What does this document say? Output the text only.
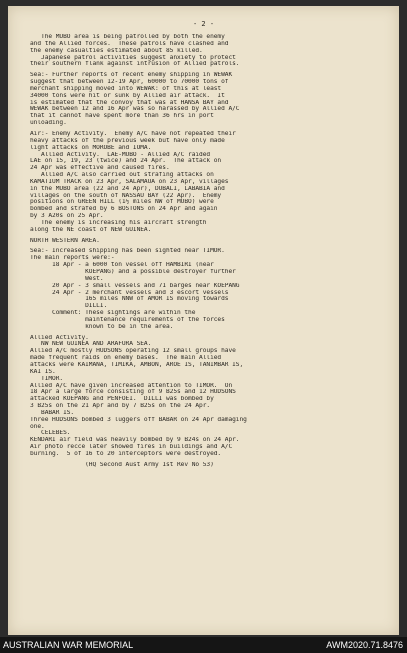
- 2 -
The MUBO area is being patrolled by both the enemy
and the Allied forces.  These patrols have clashed and
the enemy casualties estimated about 85 killed.
Japanese patrol activities suggest anxiety to protect
their southern flank against intrusion of Allied patrols.
Sea:- Further reports of recent enemy shipping in WEWAK
suggest that between 12-19 Apr, 60000 to 70000 tons of
merchant shipping moved into WEWAK: of this at least
34000 tons were hit or sunk by Allied air attack.  It
is estimated that the convoy that was at HANSA BAY and
WEWAK between 12 and 16 Apr was so harassed by Allied A/C
that it cannot have spent more than 36 hrs in port
unloading.
Air:- Enemy Activity.  Enemy A/C have not repeated their
heavy attacks of the previous week but have only made
light attacks on MOROBE and IOMA.
Allied Activity.  LAE-MUBO - Allied A/C raided
LAE on 15, 19, 23 (twice) and 24 Apr.  The attack on
24 Apr was effective and caused fires.
Allied A/C also carried out strafing attacks on
KAMATIUM TRACK on 23 Apr, SALAMAUA on 23 Apr, villages
in the MUBO area (22 and 24 Apr), DUBALI, LABABIA and
villages on the south of NASSAU BAY (22 Apr).  Enemy
positions on GREEN HILL (1½ miles NW of MUBO) were
bombed and strafed by 6 BOSTONS on 24 Apr and again
by 3 A20s on 25 Apr.
The enemy is increasing his aircraft strength
along the NE coast of NEW GUINEA.
NORTH WESTERN AREA.
Sea:- Increased shipping has been sighted near TIMOR.
The main reports were:-
18 Apr - a 6000 ton vessel off HAMBIRI (near
KOEPANG) and a possible destroyer further
West.
20 Apr - 3 small vessels and 71 barges near KOEPANG
24 Apr - 2 merchant vessels and 3 escort vessels
165 miles NNW of AMOR IS moving towards
DILLI.
Comment: These sightings are within the
maintenance requirements of the forces
known to be in the area.
Allied Activity.
NW NEW GUINEA AND ARAFURA SEA.
Allied A/C mostly HUDSONS operating 12 small groups have
made frequent raids on enemy bases.  The main Allied
attacks were KAIMANA, TIMIKA, AMBON, AROE IS, TANIMBAR IS,
KAI IS.
TIMOR.
Allied A/C have given increased attention to TIMOR.  On
18 Apr a large force consisting of 9 B25s and 12 HUDSONS
attacked KOEPANG and PENFOEI.  DILLI was bombed by
3 B25s on the 21 Apr and by 7 B25s on the 24 Apr.
BABAR IS.
Three HUDSONS bombed 3 luggers off BABAR on 24 Apr damaging
one.
CELEBES.
KENDARI air field was heavily bombed by 9 B24s on 24 Apr.
Air photo recce later showed fires in buildings and A/C
burning.  5 of 16 to 20 interceptors were destroyed.
(HQ Second Aust Army 1st Rev No 53)
AUSTRALIAN WAR MEMORIAL	AWM2020.71.8476
